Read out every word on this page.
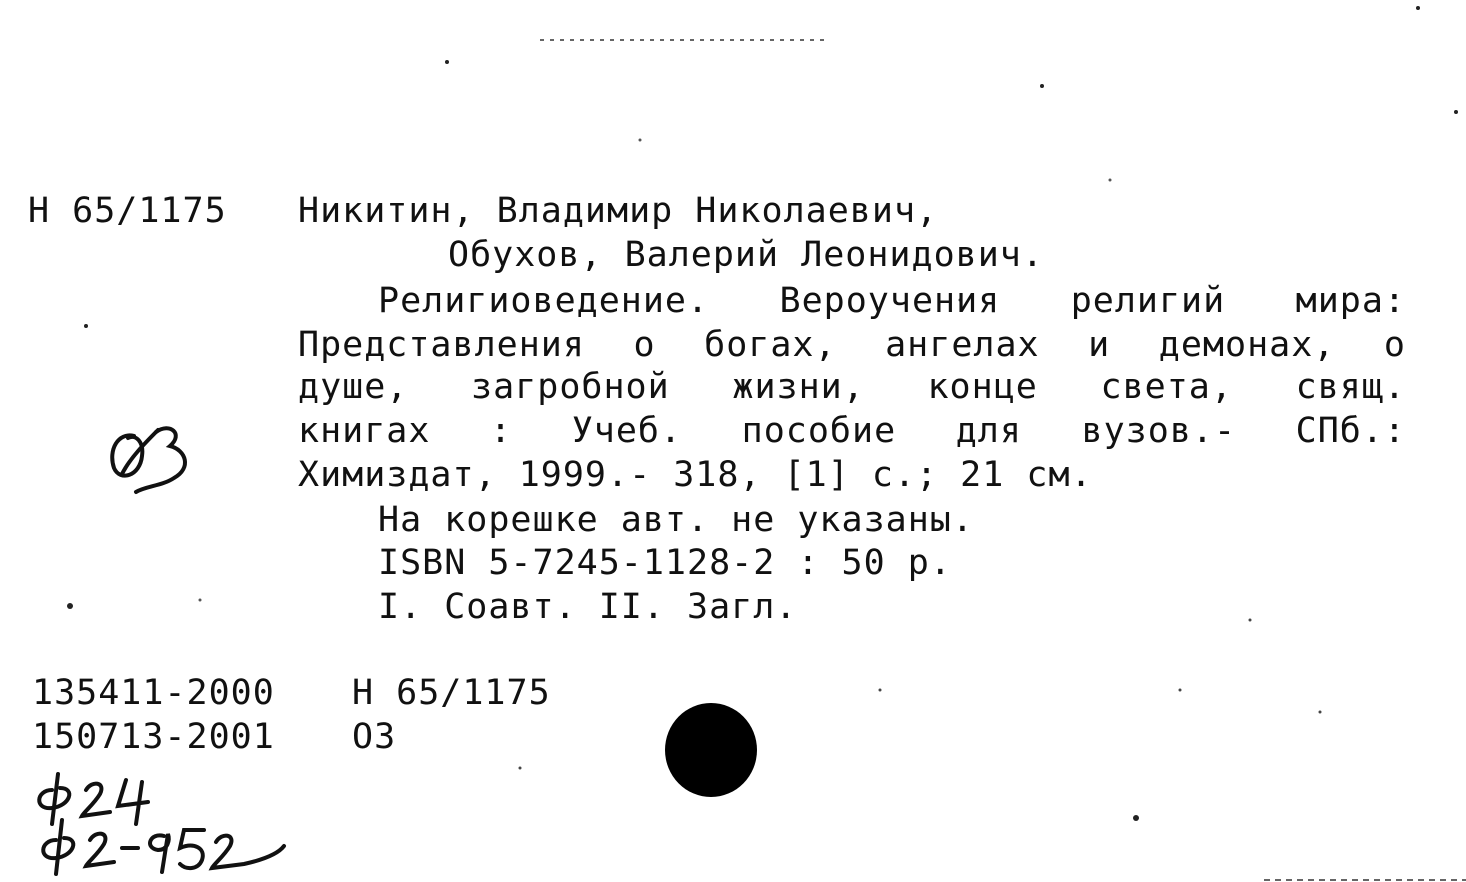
Н 65/1175 Никитин, Владимир Николаевич,
Обухов, Валерий Леонидович.
Религиоведение. Вероучения религий мира:
Представления о богах, ангелах и демонах, о
душе, загробной жизни, конце света, свящ.
книгах : Учеб. пособие для вузов.- СПб.:
Химиздат, 1999.- 318, [1] с.; 21 см.
На корешке авт. не указаны.
ISBN 5-7245-1128-2 : 50 р.
I. Соавт. II. Загл.
135411-2000 Н 65/1175
150713-2001 О3
